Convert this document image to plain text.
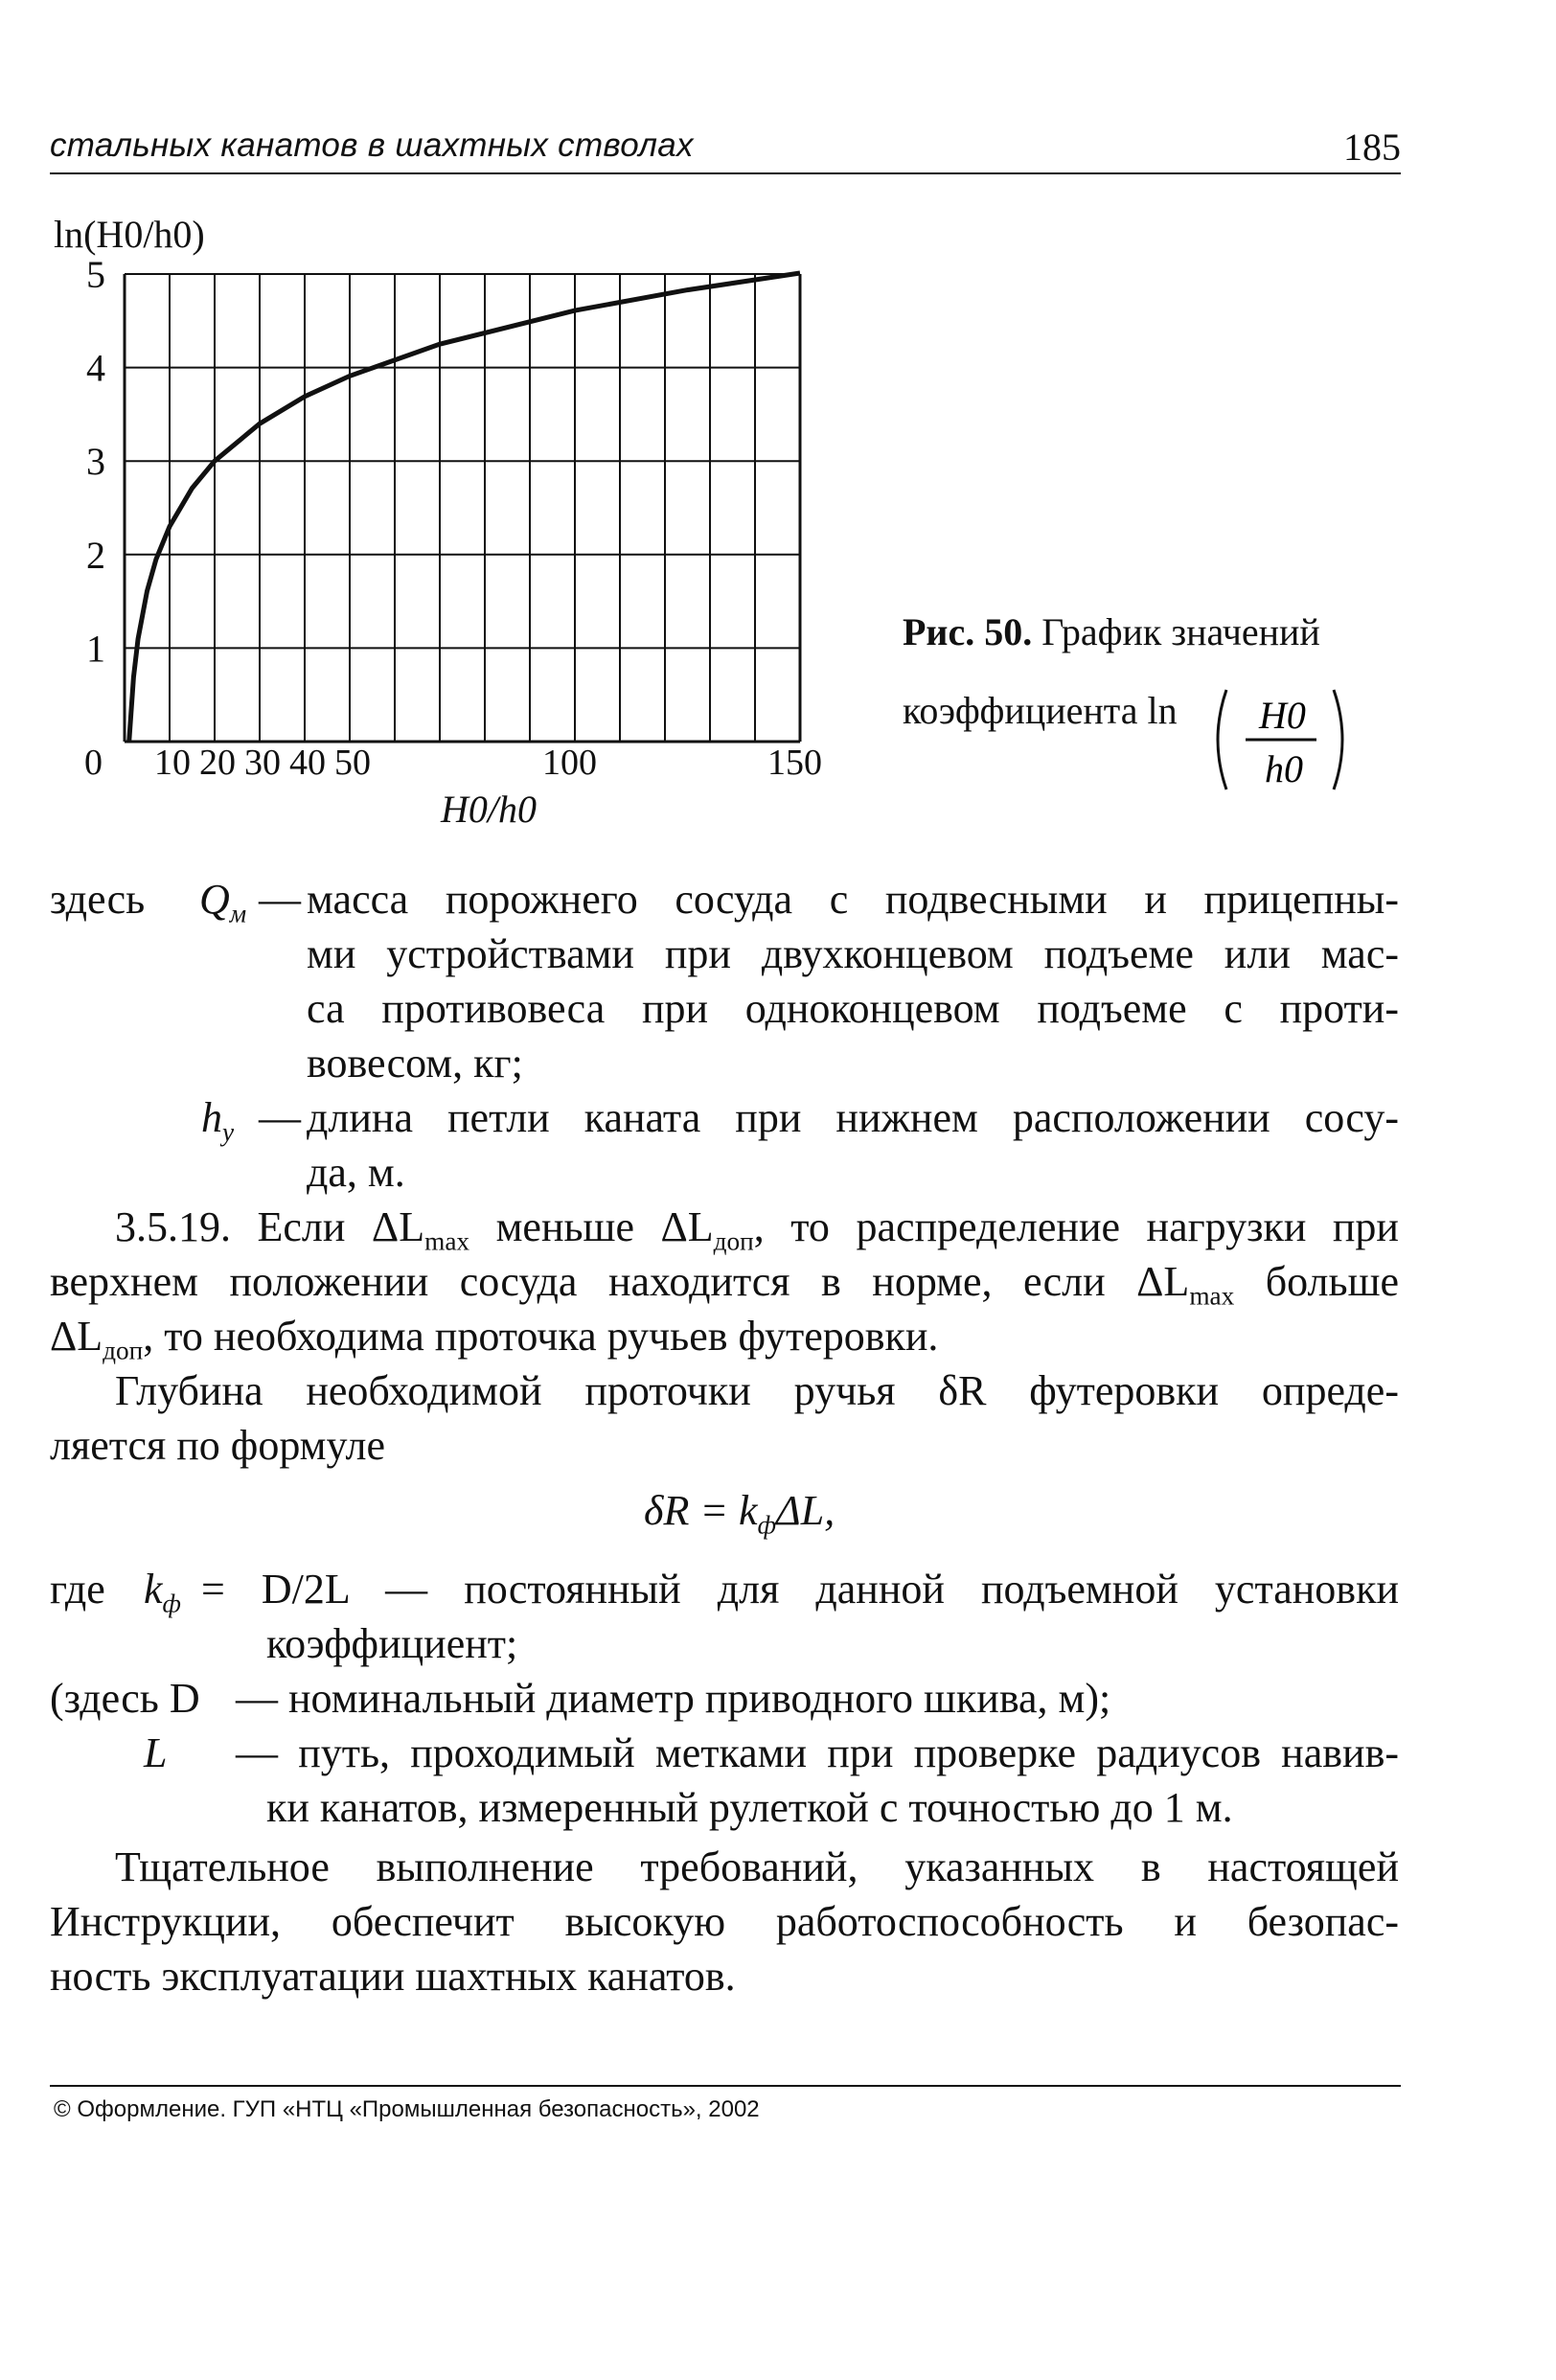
стальных канатов в шахтных стволах	185
ln(H0/h0)
1
2
3
4
5
0 10 20 30 40 50	100	150
H0/h0
Рис. 50. График значений
коэффициента ln H0
h0
здесь $Q_м$ — масса порожнего сосуда с подвесными и прицепны-
ми устройствами при двухконцевом подъеме или мас-
са противовеса при одноконцевом подъеме с проти-
вовесом, кг;
$h_у$ — длина петли каната при нижнем расположении сосу-
да, м.
3.5.19. Если $\Delta L_{max}$ меньше $\Delta L_{доп}$, то распределение нагрузки при
верхнем положении сосуда находится в норме, если $\Delta L_{max}$ больше
$\Delta L_{доп}$, то необходима проточка ручьев футеровки.
Глубина необходимой проточки ручья δR футеровки опреде-
ляется по формуле
$\delta R = k_ф\Delta L$,
где $k_ф = D/2L$ — постоянный для данной подъемной установки
коэффициент;
(здесь D — номинальный диаметр приводного шкива, м);
L — путь, проходимый метками при проверке радиусов навив-
ки канатов, измеренный рулеткой с точностью до 1 м.
Тщательное выполнение требований, указанных в настоящей
Инструкции, обеспечит высокую работоспособность и безопас-
ность эксплуатации шахтных канатов.
© Оформление. ГУП «НТЦ «Промышленная безопасность», 2002
